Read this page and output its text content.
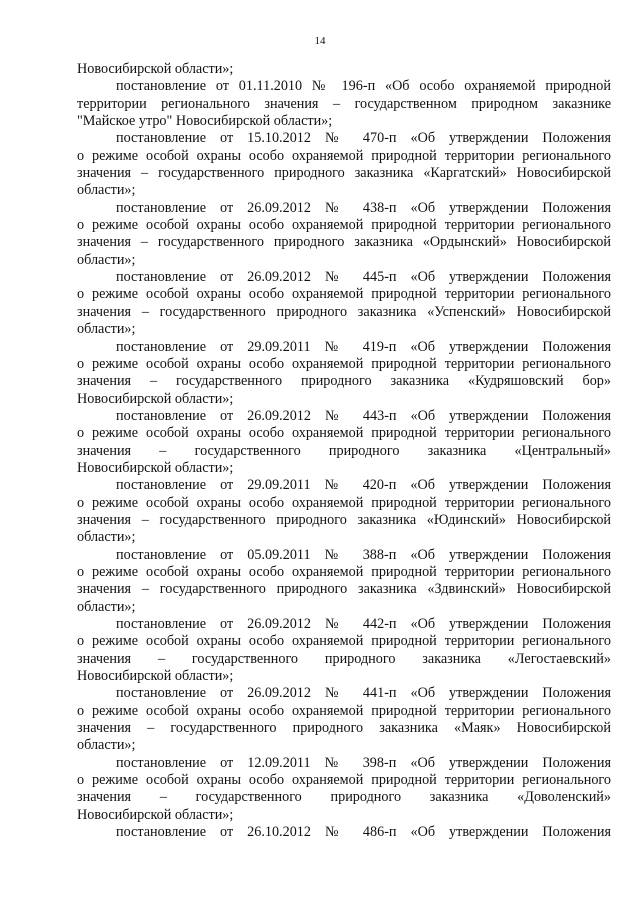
14
Новосибирской области»;
постановление от 01.11.2010 № 196-п «Об особо охраняемой природной
территории регионального значения – государственном природном заказнике
"Майское утро" Новосибирской области»;
постановление от 15.10.2012 № 470-п «Об утверждении Положения
о режиме особой охраны особо охраняемой природной территории регионального
значения – государственного природного заказника «Каргатский» Новосибирской
области»;
постановление от 26.09.2012 № 438-п «Об утверждении Положения
о режиме особой охраны особо охраняемой природной территории регионального
значения – государственного природного заказника «Ордынский» Новосибирской
области»;
постановление от 26.09.2012 № 445-п «Об утверждении Положения
о режиме особой охраны особо охраняемой природной территории регионального
значения – государственного природного заказника «Успенский» Новосибирской
области»;
постановление от 29.09.2011 № 419-п «Об утверждении Положения
о режиме особой охраны особо охраняемой природной территории регионального
значения – государственного природного заказника «Кудряшовский бор»
Новосибирской области»;
постановление от 26.09.2012 № 443-п «Об утверждении Положения
о режиме особой охраны особо охраняемой природной территории регионального
значения – государственного природного заказника «Центральный»
Новосибирской области»;
постановление от 29.09.2011 № 420-п «Об утверждении Положения
о режиме особой охраны особо охраняемой природной территории регионального
значения – государственного природного заказника «Юдинский» Новосибирской
области»;
постановление от 05.09.2011 № 388-п «Об утверждении Положения
о режиме особой охраны особо охраняемой природной территории регионального
значения – государственного природного заказника «Здвинский» Новосибирской
области»;
постановление от 26.09.2012 № 442-п «Об утверждении Положения
о режиме особой охраны особо охраняемой природной территории регионального
значения – государственного природного заказника «Легостаевский»
Новосибирской области»;
постановление от 26.09.2012 № 441-п «Об утверждении Положения
о режиме особой охраны особо охраняемой природной территории регионального
значения – государственного природного заказника «Маяк» Новосибирской
области»;
постановление от 12.09.2011 № 398-п «Об утверждении Положения
о режиме особой охраны особо охраняемой природной территории регионального
значения – государственного природного заказника «Доволенский»
Новосибирской области»;
постановление от 26.10.2012 № 486-п «Об утверждении Положения
